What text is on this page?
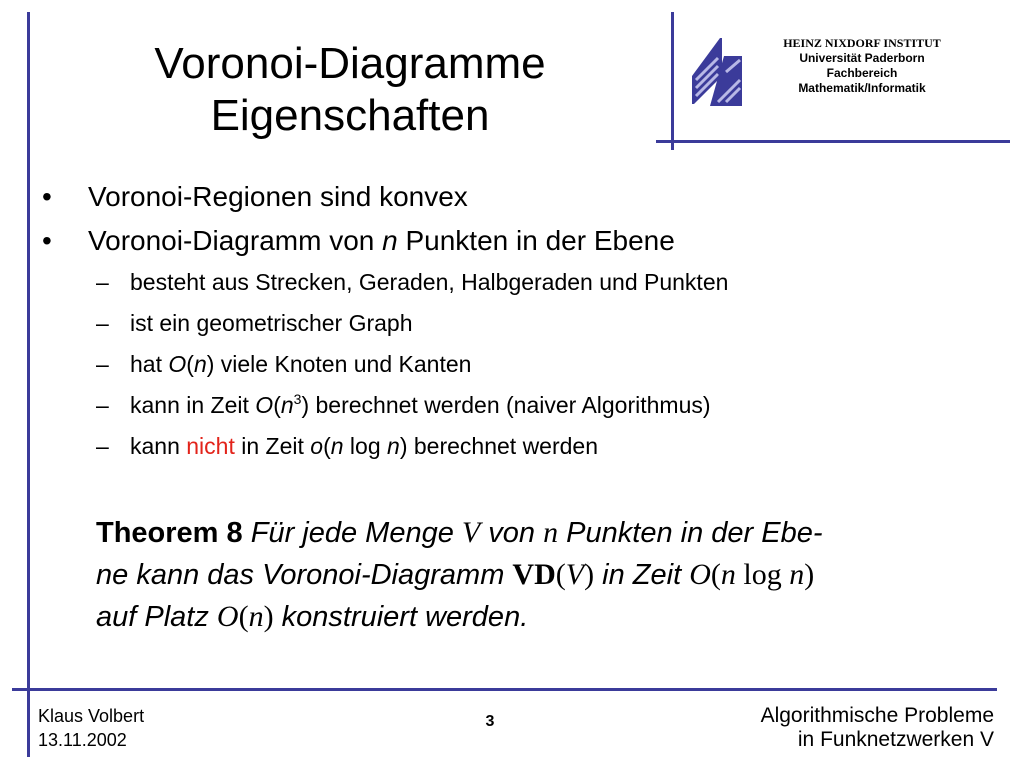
Voronoi-Diagramme
Eigenschaften
HEINZ NIXDORF INSTITUT
Universität Paderborn
Fachbereich
Mathematik/Informatik
• Voronoi-Regionen sind konvex
• Voronoi-Diagramm von n Punkten in der Ebene
– besteht aus Strecken, Geraden, Halbgeraden und Punkten
– ist ein geometrischer Graph
– hat O(n) viele Knoten und Kanten
– kann in Zeit $O(n^3)$ berechnet werden (naiver Algorithmus)
– kann nicht in Zeit o(n log n) berechnet werden
Theorem 8 Für jede Menge V von n Punkten in der Ebe-
ne kann das Voronoi-Diagramm VD(V) in Zeit O(n log n)
auf Platz O(n) konstruiert werden.
Klaus Volbert
13.11.2002
3	Algorithmische Probleme
in Funknetzwerken V
